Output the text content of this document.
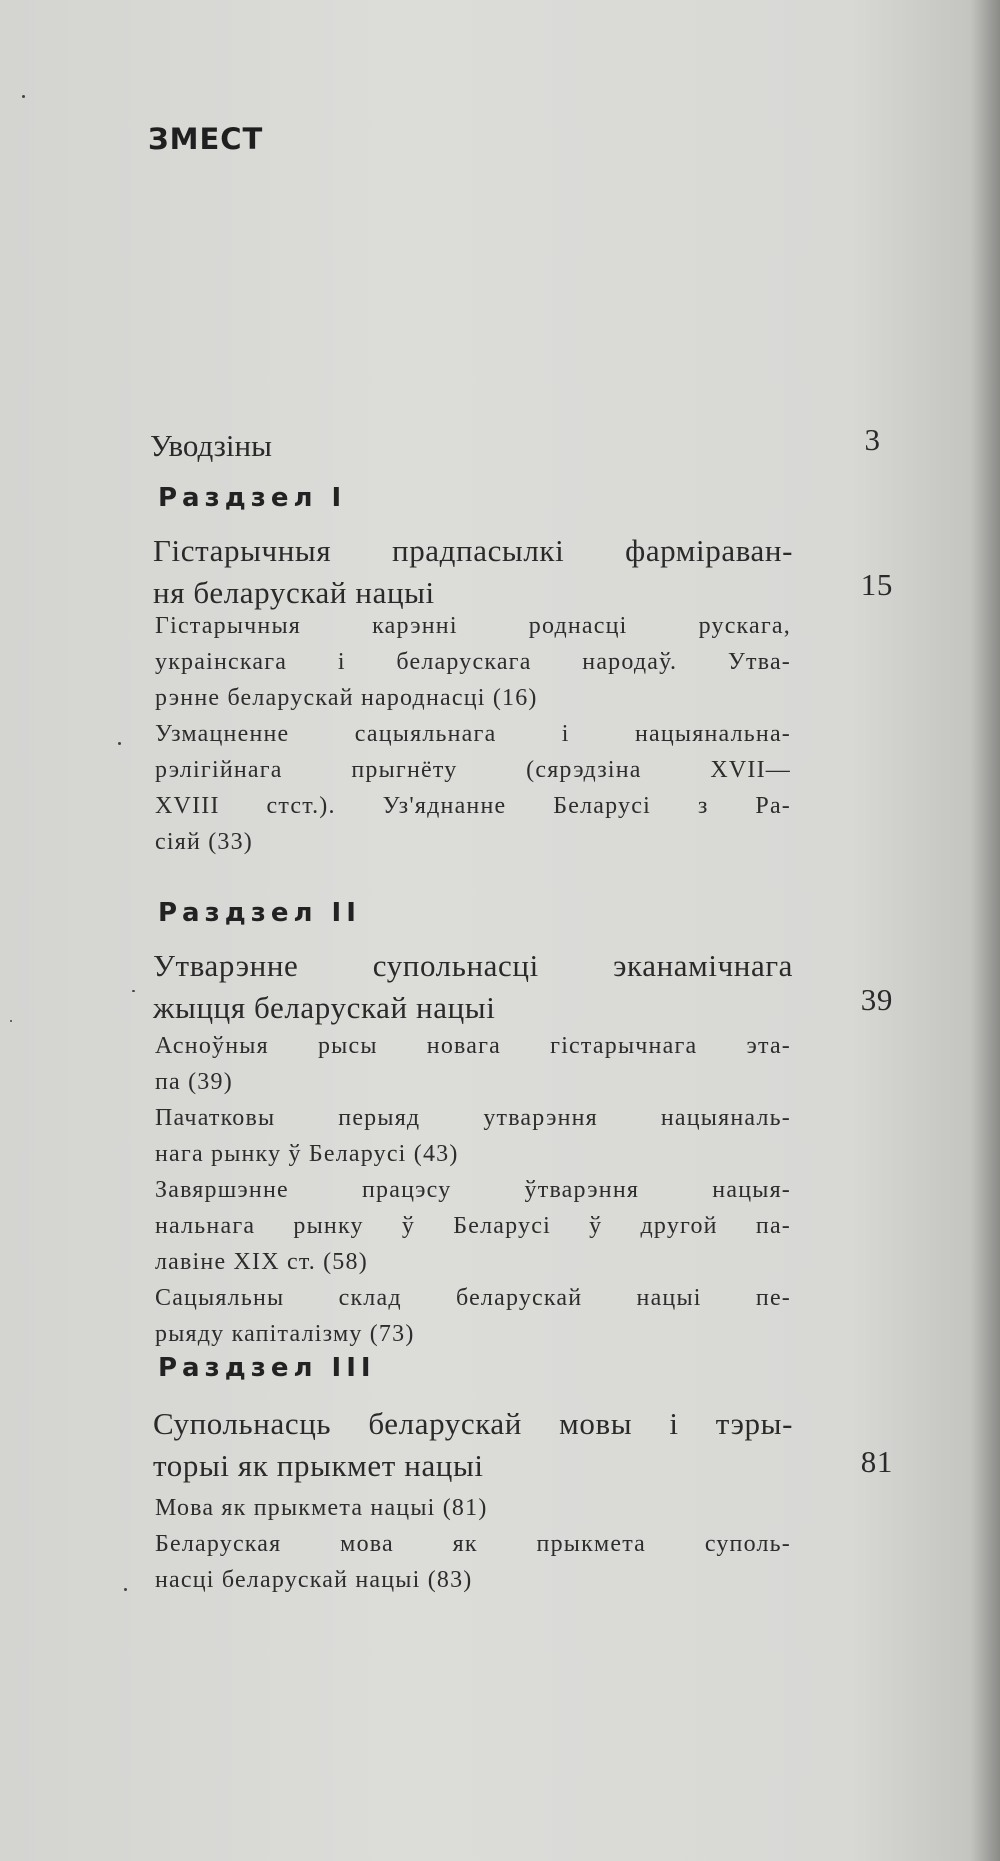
ЗМЕСТ
Уводзіны	3
Раздзел I
Гістарычныя прадпасылкі фарміраван-
ня беларускай нацыі	15
Гістарычныя карэнні роднасці рускага,
украінскага і беларускага народаў. Утва-
рэнне беларускай народнасці (16)
Узмацненне сацыяльнага і нацыянальна-
рэлігійнага прыгнёту (сярэдзіна XVII—
XVIII стст.). Уз'яднанне Беларусі з Ра-
сіяй (33)
Раздзел II
Утварэнне супольнасці эканамічнага
жыцця беларускай нацыі	39
Асноўныя рысы новага гістарычнага эта-
па (39)
Пачатковы перыяд утварэння нацыяналь-
нага рынку ў Беларусі (43)
Завяршэнне працэсу ўтварэння нацыя-
нальнага рынку ў Беларусі ў другой па-
лавіне XIX ст. (58)
Сацыяльны склад беларускай нацыі пе-
рыяду капіталізму (73)
Раздзел III
Супольнасць беларускай мовы і тэры-
торыі як прыкмет нацыі	81
Мова як прыкмета нацыі (81)
Беларуская мова як прыкмета суполь-
насці беларускай нацыі (83)
